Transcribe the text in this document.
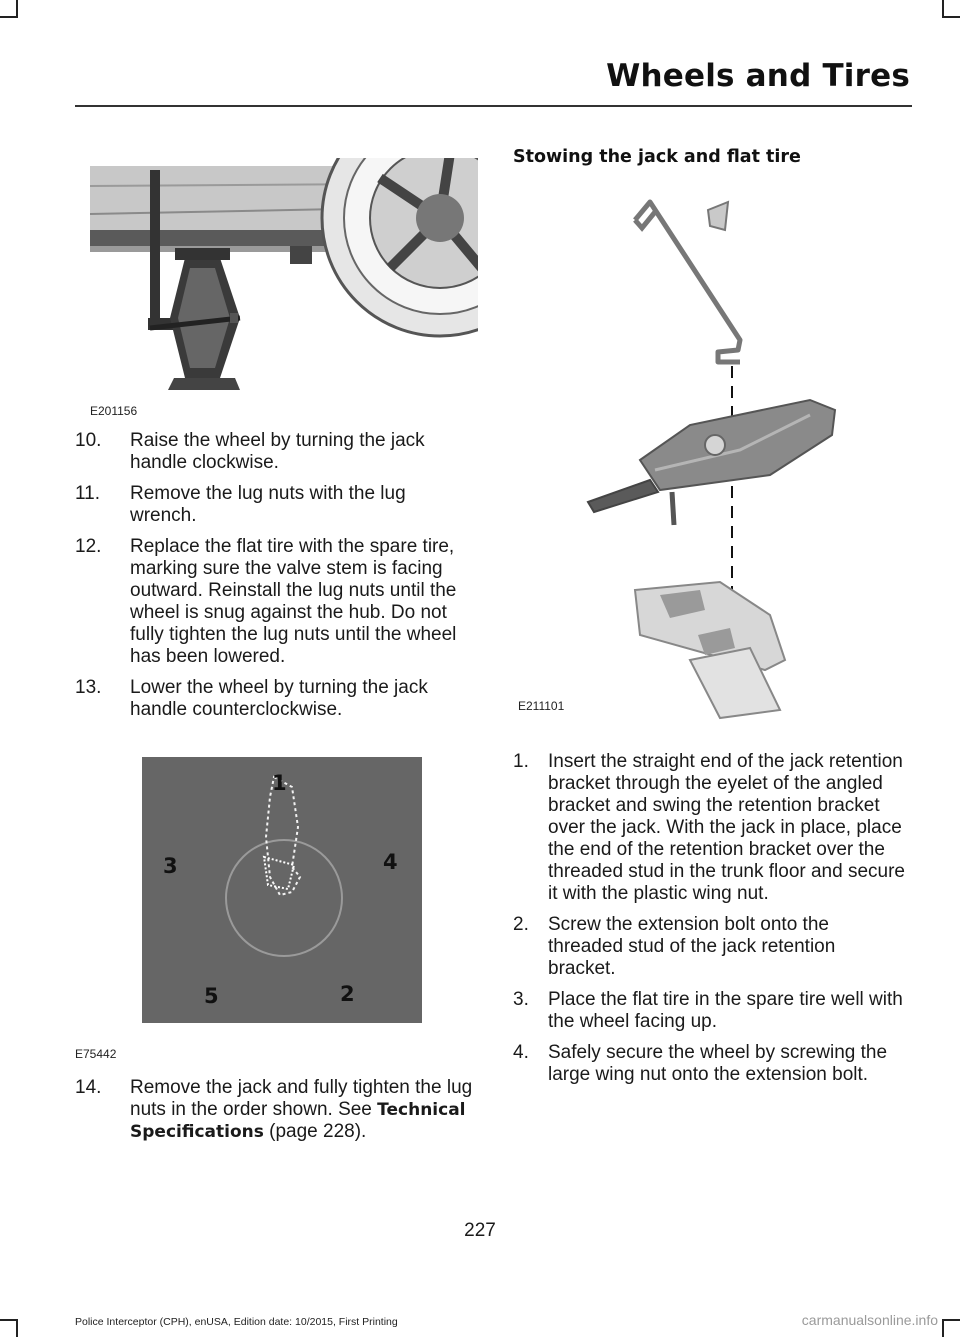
Wheels and Tires
E201156
10. Raise the wheel by turning the jack handle clockwise.
11. Remove the lug nuts with the lug wrench.
12. Replace the flat tire with the spare tire, marking sure the valve stem is facing outward. Reinstall the lug nuts until the wheel is snug against the hub. Do not fully tighten the lug nuts until the wheel has been lowered.
13. Lower the wheel by turning the jack handle counterclockwise.
1
2
3	4
5
E75442
14. Remove the jack and fully tighten the lug nuts in the order shown. See Technical Specifications (page 228).
Stowing the jack and flat tire
E211101
1. Insert the straight end of the jack retention bracket through the eyelet of the angled bracket and swing the retention bracket over the jack. With the jack in place, place the end of the retention bracket over the threaded stud in the trunk floor and secure it with the plastic wing nut.
2. Screw the extension bolt onto the threaded stud of the jack retention bracket.
3. Place the flat tire in the spare tire well with the wheel facing up.
4. Safely secure the wheel by screwing the large wing nut onto the extension bolt.
227
Police Interceptor (CPH), enUSA, Edition date: 10/2015, First Printing	carmanualsonline.info
